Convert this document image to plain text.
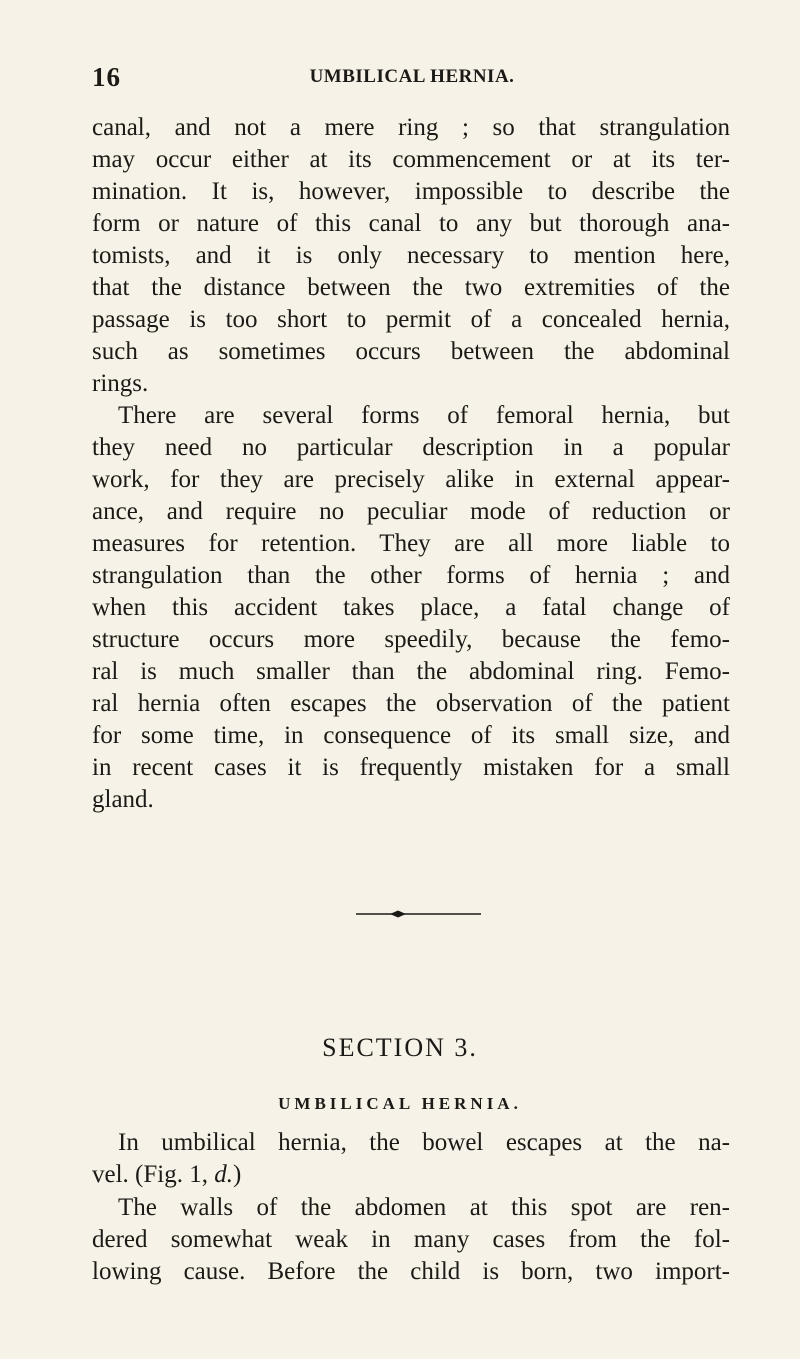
16	UMBILICAL HERNIA.
canal, and not a mere ring ; so that strangulation
may occur either at its commencement or at its ter-
mination. It is, however, impossible to describe the
form or nature of this canal to any but thorough ana-
tomists, and it is only necessary to mention here,
that the distance between the two extremities of the
passage is too short to permit of a concealed hernia,
such as sometimes occurs between the abdominal
rings.
There are several forms of femoral hernia, but
they need no particular description in a popular
work, for they are precisely alike in external appear-
ance, and require no peculiar mode of reduction or
measures for retention. They are all more liable to
strangulation than the other forms of hernia ; and
when this accident takes place, a fatal change of
structure occurs more speedily, because the femo-
ral is much smaller than the abdominal ring. Femo-
ral hernia often escapes the observation of the patient
for some time, in consequence of its small size, and
in recent cases it is frequently mistaken for a small
gland.
SECTION 3.
UMBILICAL HERNIA.
In umbilical hernia, the bowel escapes at the na-
vel. (Fig. 1, d.)
The walls of the abdomen at this spot are ren-
dered somewhat weak in many cases from the fol-
lowing cause. Before the child is born, two import-
